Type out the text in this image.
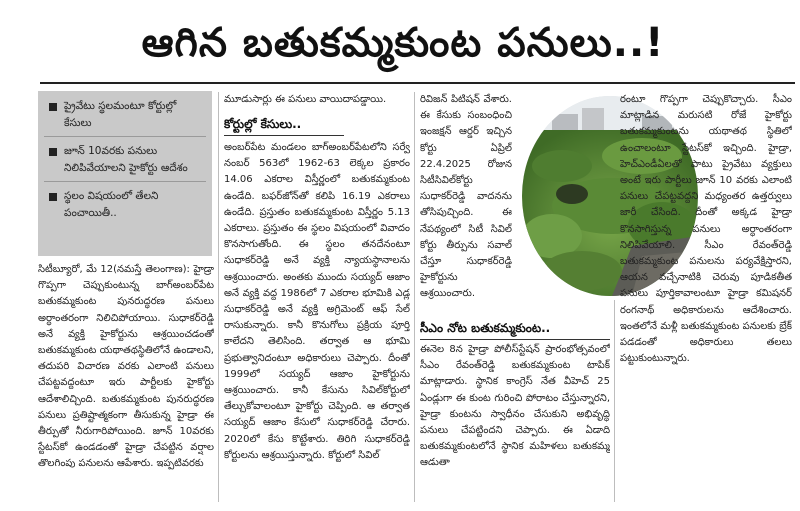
ఆగిన బతుకమ్మకుంట పనులు..!
ప్రైవేటు స్థలమంటూ కోర్టుల్లో కేసులు
జూన్ 10వరకు పనులు నిలిపివేయాలని హైకోర్టు ఆదేశం
స్థలం విషయంలో తేలని పంచాయితీ..

సిటీబ్యూరో, మే 12(నమస్తే తెలంగాణ): హైడ్రా గొప్పగా చెప్పుకుంటున్న బాగ్‌అంబర్‌పేట బతుకమ్మకుంట పునరుద్ధరణ పనులు అర్ధాంతరంగా నిలిచిపోయాయి. సుధాకర్‌రెడ్డి అనే వ్యక్తి హైకోర్టును ఆశ్రయించడంతో బతుకమ్మకుంట యథాతథస్థితిలోనే ఉండాలని, తదుపరి విచారణ వరకు ఎలాంటి పనులు చేపట్టవద్దంటూ ఇరు పార్టీలకు హైకోర్టు ఆదేశాలిచ్చింది. బతుకమ్మకుంట పునరుద్ధరణ పనులు ప్రతిష్టాత్మకంగా తీసుకున్న హైడ్రా ఈ తీర్పుతో నీరుగారిపోయింది. జూన్ 10వరకు స్టేటస్‌కో ఉండడంతో హైడ్రా చేపట్టిన వర్షాల తొలగింపు పనులను ఆపేశారు. ఇప్పటివరకు

మూడుసార్లు ఈ పనులు వాయిదాపడ్డాయి.

కోర్టుల్లో కేసులు..

అంబర్‌పేట మండలం బాగ్‌అంబర్‌పేటలోని సర్వే నంబర్ 563లో 1962-63 లెక్కల ప్రకారం 14.06 ఎకరాల విస్తీర్ణంలో బతుకమ్మకుంట ఉండేది. బఫర్‌జోన్‌తో కలిపి 16.19 ఎకరాలు ఉండేది. ప్రస్తుతం బతుకమ్మకుంట విస్తీర్ణం 5.13 ఎకరాలు. ప్రస్తుతం ఈ స్థలం విషయంలో వివాదం కొనసాగుతోంది. ఈ స్థలం తనదేనంటూ సుధాకర్‌రెడ్డి అనే వ్యక్తి న్యాయస్థానాలను ఆశ్రయించారు. అంతకు ముందు సయ్యద్ ఆజాం అనే వ్యక్తి వద్ద 1986లో 7 ఎకరాల భూమికి ఎడ్ల సుధాకర్‌రెడ్డి అనే వ్యక్తి అగ్రిమెంట్ ఆఫ్ సేల్ రాసుకున్నారు. కానీ కొనుగోలు ప్రక్రియ పూర్తి కాలేదని తెలిసింది. తర్వాత ఆ భూమి ప్రభుత్వానిదంటూ అధికారులు చెప్పారు. దీంతో 1999లో సయ్యద్ ఆజాం హైకోర్టును ఆశ్రయించారు. కానీ కేసును సివిల్‌కోర్టులో తేల్చుకోవాలంటూ హైకోర్టు చెప్పింది. ఆ తర్వాత సయ్యద్ ఆజాం కేసులో సుధాకర్‌రెడ్డి చేరారు. 2020లో కేసు కొట్టేశారు. తిరిగి సుధాకర్‌రెడ్డి కోర్టులను ఆశ్రయిస్తున్నారు. కోర్టులో సివిల్

రివిజన్ పిటిషన్ వేశారు. ఈ కేసుకు సంబంధించి ఇంజక్షన్ ఆర్డర్ ఇచ్చిన కోర్టు ఏప్రిల్ 22.4.2025 రోజున సిటీసివిల్‌కోర్టు సుధాకర్‌రెడ్డి వాదనను తోసిపుచ్చింది. ఈ నేపథ్యంలో సిటీ సివిల్ కోర్టు తీర్పును సవాల్ చేస్తూ సుధాకర్‌రెడ్డి హైకోర్టును ఆశ్రయించారు.

సీఎం నోట బతుకమ్మకుంట..

ఈనెల 8న హైడ్రా పోలీస్‌స్టేషన్ ప్రారంభోత్సవంలో సీఎం రేవంత్‌రెడ్డి బతుకమ్మకుంట టాపిక్ మాట్లాడారు. స్థానిక కాంగ్రెస్ నేత వీహెచ్ 25 ఏండ్లుగా ఈ కుంట గురించి పోరాటం చేస్తున్నారని, హైడ్రా కుంటను స్వాధీనం చేసుకుని అభివృద్ధి పనులు చేపట్టిందని చెప్పారు. ఈ ఏడాది బతుకమ్మకుంటలోనే స్థానిక మహిళలు బతుకమ్మ ఆడుతా

రంటూ గొప్పగా చెప్పుకొచ్చారు. సీఎం మాట్లాడిన మరుసటి రోజే హైకోర్టు బతుకమ్మకుంటను యథాతథ స్థితిలో ఉంచాలంటూ స్టేటస్‌కో ఇచ్చింది. హైడ్రా, హెచ్‌ఎండీఏలతో పాటు ప్రైవేటు వ్యక్తులు అంటే ఇరు పార్టీలు జూన్ 10 వరకు ఎలాంటి పనులు చేపట్టవద్దని మధ్యంతర ఉత్తర్వులు జారీ చేసింది. దీంతో అక్కడ హైడ్రా కొనసాగిస్తున్న పనులు అర్ధాంతరంగా నిలిపివేయాలి. సీఎం రేవంత్‌రెడ్డి బతుకమ్మకుంట పనులను పర్యవేక్షిస్తారని, ఆయన వచ్చేనాటికి చెరువు పూడికతీత పనులు పూర్తికావాలంటూ హైడ్రా కమిషనర్ రంగనాథ్ అధికారులను ఆదేశించారు. ఇంతలోనే మళ్లీ బతుకమ్మకుంట పనులకు బ్రేక్ పడడంతో అధికారులు తలలు పట్టుకుంటున్నారు.
